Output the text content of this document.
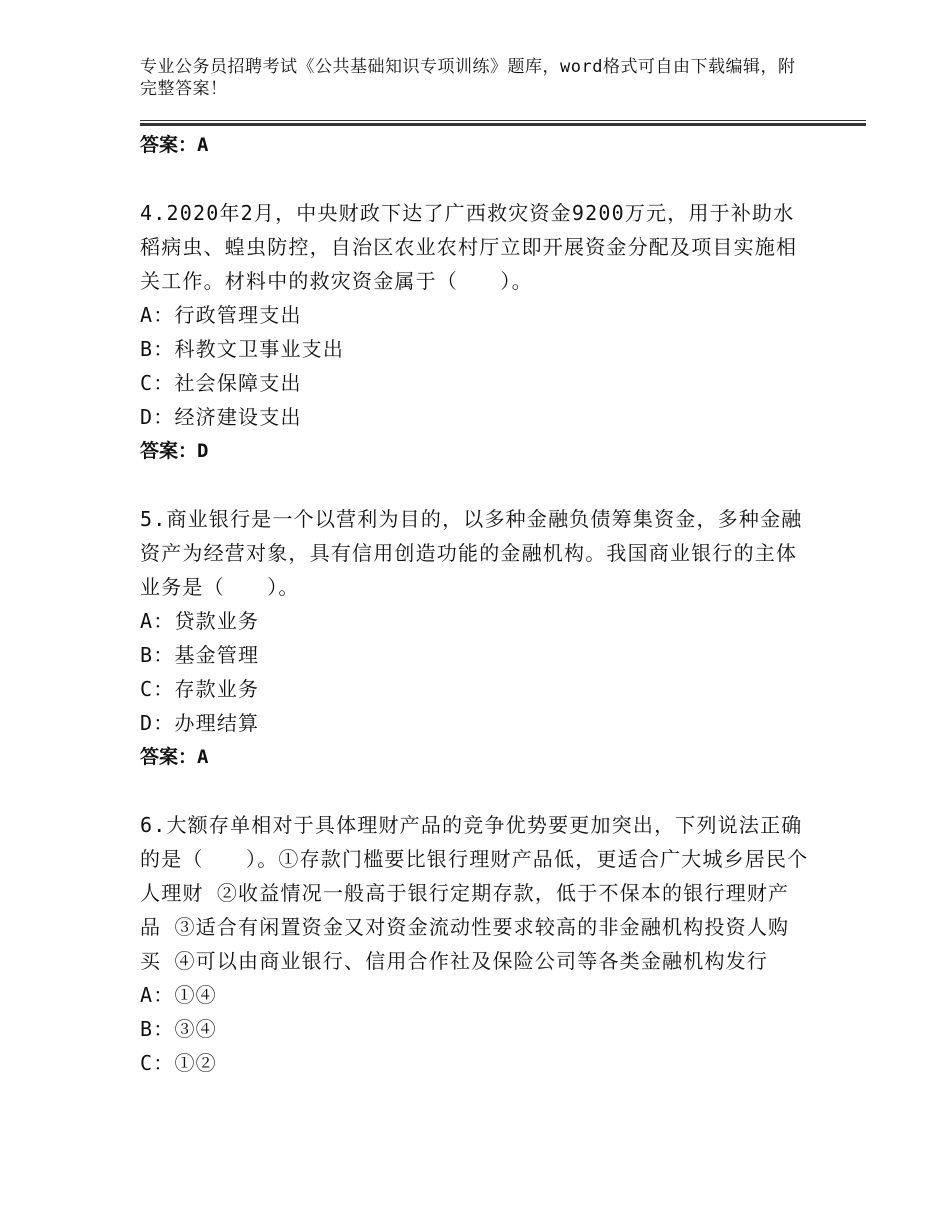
专业公务员招聘考试《公共基础知识专项训练》题库，word格式可自由下载编辑，附完整答案！
答案：A
4.2020年2月，中央财政下达了广西救灾资金9200万元，用于补助水稻病虫、蝗虫防控，自治区农业农村厅立即开展资金分配及项目实施相关工作。材料中的救灾资金属于（　　）。
A：行政管理支出
B：科教文卫事业支出
C：社会保障支出
D：经济建设支出
答案：D
5.商业银行是一个以营利为目的，以多种金融负债筹集资金，多种金融资产为经营对象，具有信用创造功能的金融机构。我国商业银行的主体业务是（　　）。
A：贷款业务
B：基金管理
C：存款业务
D：办理结算
答案：A
6.大额存单相对于具体理财产品的竞争优势要更加突出，下列说法正确的是（　　）。①存款门槛要比银行理财产品低，更适合广大城乡居民个人理财 ②收益情况一般高于银行定期存款，低于不保本的银行理财产品 ③适合有闲置资金又对资金流动性要求较高的非金融机构投资人购买 ④可以由商业银行、信用合作社及保险公司等各类金融机构发行
A：①④
B：③④
C：①②
